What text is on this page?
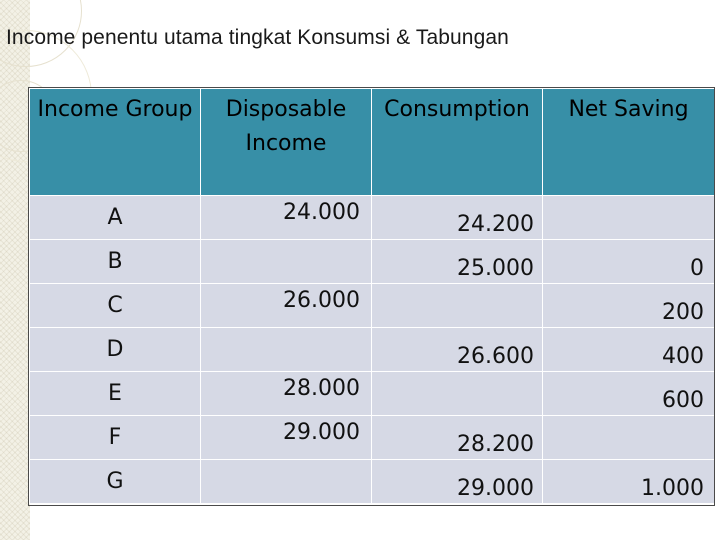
Income penentu utama tingkat Konsumsi & Tabungan
Income Group	Disposable Income	Consumption	Net Saving
A	24.000	24.200	
B		25.000	0
C	26.000		200
D		26.600	400
E	28.000		600
F	29.000	28.200	
G		29.000	1.000
